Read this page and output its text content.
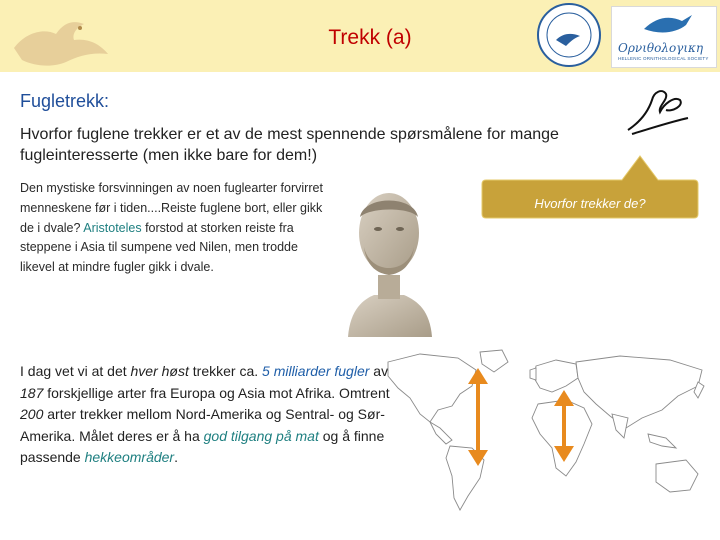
Trekk (a)	Ορνιθολογικη
HELLENIC ORNITHOLOGICAL SOCIETY
Fugletrekk:
Hvorfor fuglene trekker er et av de mest spennende spørsmålene for mange fugleinteresserte (men ikke bare for dem!)
Den mystiske forsvinningen av noen fuglearter forvirret menneskene før i tiden....Reiste fuglene bort, eller gikk de i dvale? Aristoteles forstod at storken reiste fra steppene i Asia til sumpene ved Nilen, men trodde likevel at mindre fugler gikk i dvale.
Hvorfor trekker de?
I dag vet vi at det hver høst trekker ca. 5 milliarder fugler av 187 forskjellige arter fra Europa og Asia mot Afrika. Omtrent 200 arter trekker mellom Nord-Amerika og Sentral- og Sør-Amerika. Målet deres er å ha god tilgang på mat og å finne passende hekkeområder.
